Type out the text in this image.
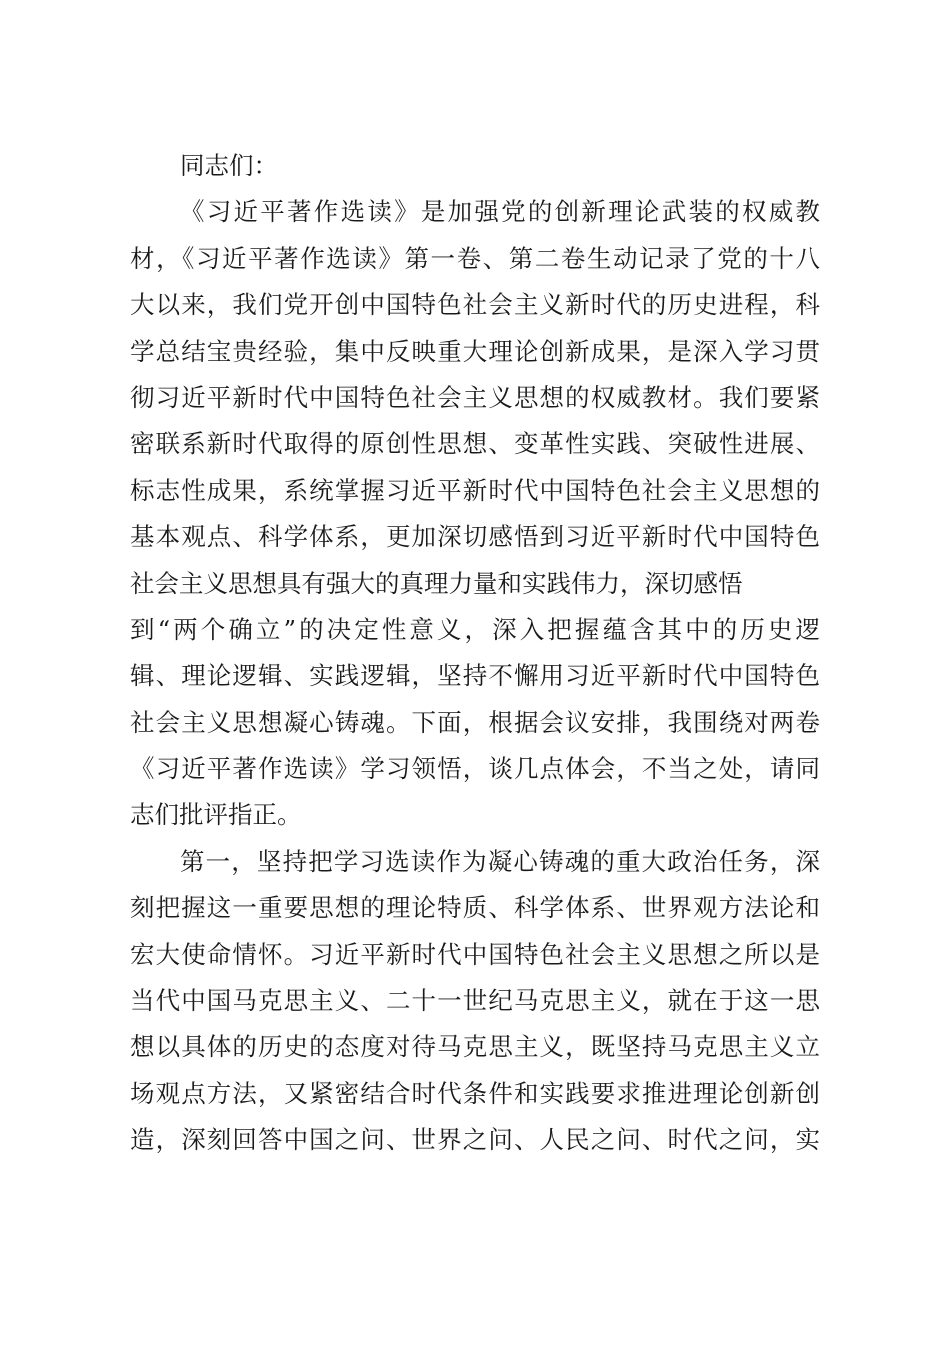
同志们：
《习近平著作选读》是加强党的创新理论武装的权威教
材，《习近平著作选读》第一卷、第二卷生动记录了党的十八
大以来，我们党开创中国特色社会主义新时代的历史进程，科
学总结宝贵经验，集中反映重大理论创新成果，是深入学习贯
彻习近平新时代中国特色社会主义思想的权威教材。我们要紧
密联系新时代取得的原创性思想、变革性实践、突破性进展、
标志性成果，系统掌握习近平新时代中国特色社会主义思想的
基本观点、科学体系，更加深切感悟到习近平新时代中国特色
社会主义思想具有强大的真理力量和实践伟力，深切感悟
到“两个确立”的决定性意义，深入把握蕴含其中的历史逻
辑、理论逻辑、实践逻辑，坚持不懈用习近平新时代中国特色
社会主义思想凝心铸魂。下面，根据会议安排，我围绕对两卷
《习近平著作选读》学习领悟，谈几点体会，不当之处，请同
志们批评指正。
第一，坚持把学习选读作为凝心铸魂的重大政治任务，深
刻把握这一重要思想的理论特质、科学体系、世界观方法论和
宏大使命情怀。习近平新时代中国特色社会主义思想之所以是
当代中国马克思主义、二十一世纪马克思主义，就在于这一思
想以具体的历史的态度对待马克思主义，既坚持马克思主义立
场观点方法，又紧密结合时代条件和实践要求推进理论创新创
造，深刻回答中国之问、世界之问、人民之问、时代之问，实
